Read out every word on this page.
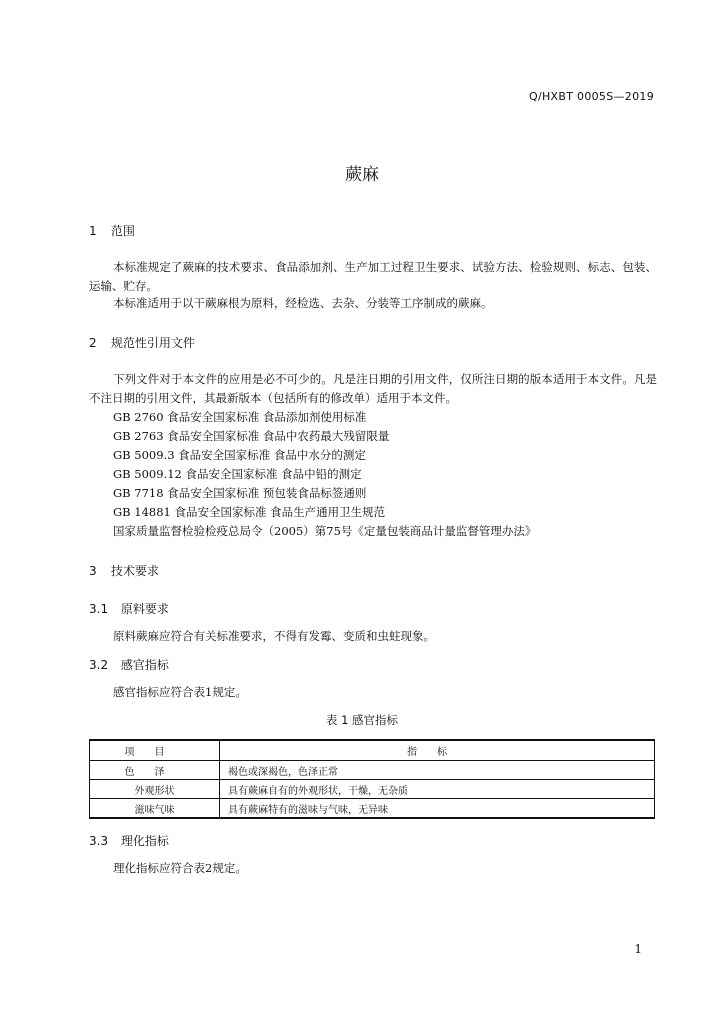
Q/HXBT 0005S—2019
蕨麻
1 范围
本标准规定了蕨麻的技术要求、食品添加剂、生产加工过程卫生要求、试验方法、检验规则、标志、包装、运输、贮存。
本标准适用于以干蕨麻根为原料，经检选、去杂、分装等工序制成的蕨麻。
2 规范性引用文件
下列文件对于本文件的应用是必不可少的。凡是注日期的引用文件，仅所注日期的版本适用于本文件。凡是不注日期的引用文件，其最新版本（包括所有的修改单）适用于本文件。
GB 2760 食品安全国家标准 食品添加剂使用标准
GB 2763 食品安全国家标准 食品中农药最大残留限量
GB 5009.3 食品安全国家标准 食品中水分的测定
GB 5009.12 食品安全国家标准 食品中铅的测定
GB 7718 食品安全国家标准 预包装食品标签通则
GB 14881 食品安全国家标准 食品生产通用卫生规范
国家质量监督检验检疫总局令（2005）第75号《定量包装商品计量监督管理办法》
3 技术要求
3.1 原料要求
原料蕨麻应符合有关标准要求，不得有发霉、变质和虫蛀现象。
3.2 感官指标
感官指标应符合表1规定。
表 1 感官指标
项目	指标
色泽	褐色或深褐色，色泽正常
外观形状	具有蕨麻自有的外观形状，干燥，无杂质
滋味气味	具有蕨麻特有的滋味与气味，无异味
3.3 理化指标
理化指标应符合表2规定。
1
